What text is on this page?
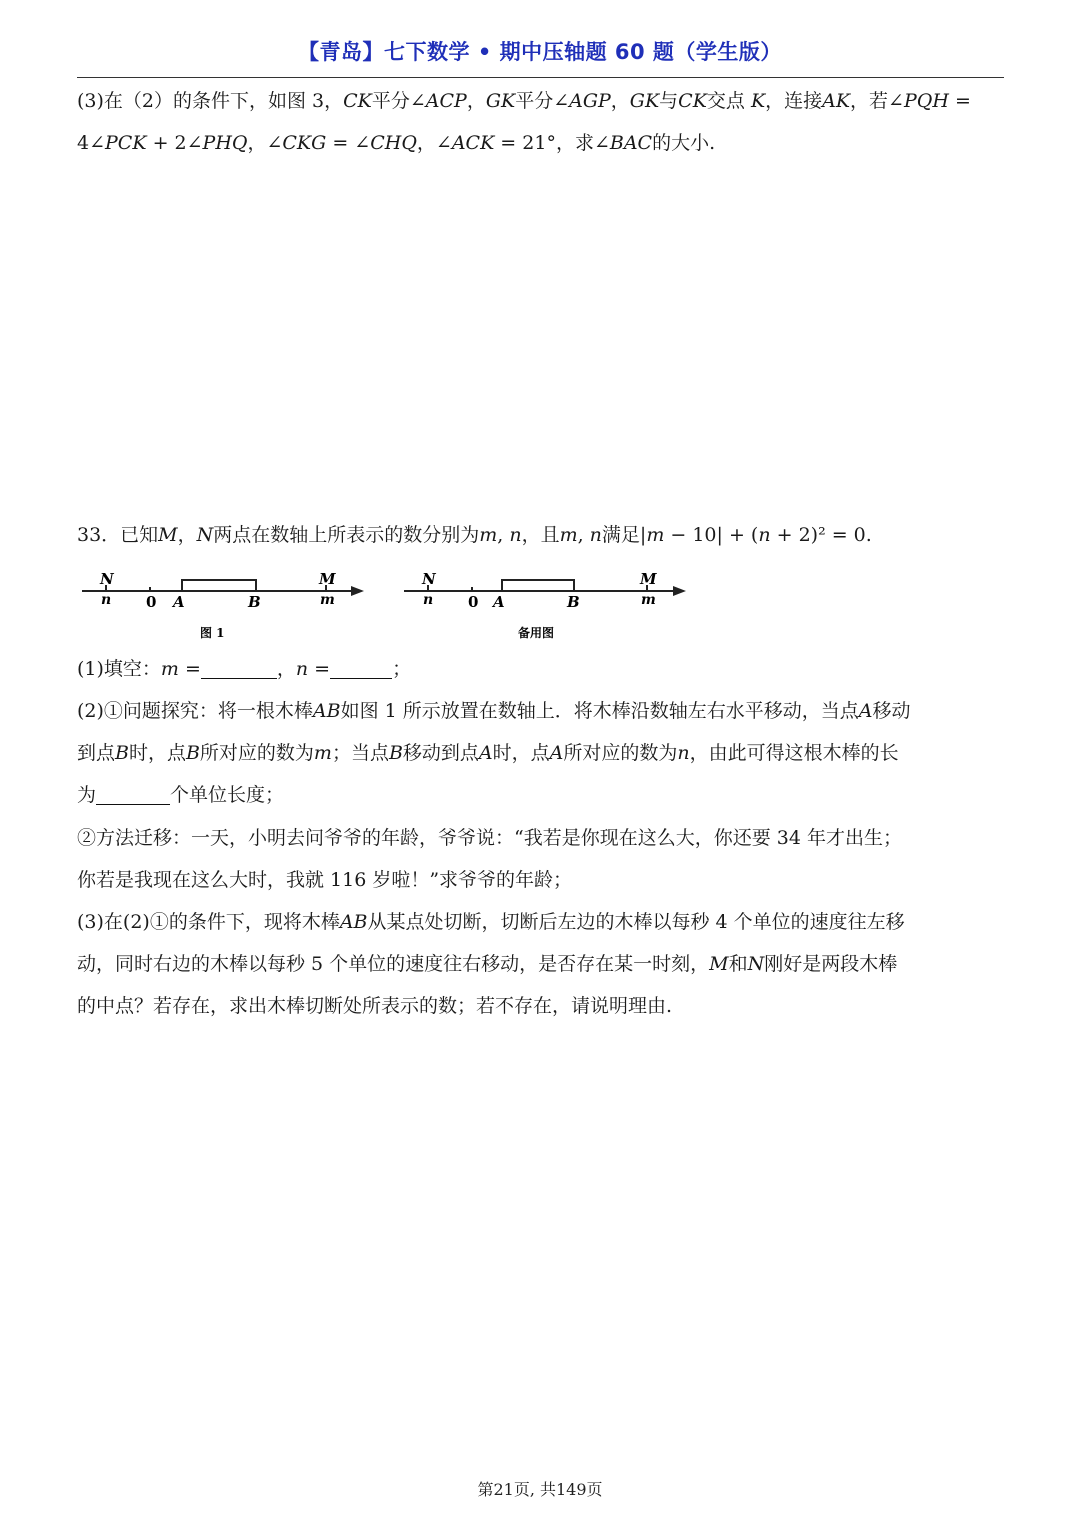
【青岛】七下数学 • 期中压轴题 60 题（学生版）

(3)在（2）的条件下，如图 3，𝐶𝐾平分∠𝐴𝐶𝑃，𝐺𝐾平分∠𝐴𝐺𝑃，𝐺𝐾与𝐶𝐾交点 𝐾，连接𝐴𝐾，若∠𝑃𝑄𝐻 =

4∠𝑃𝐶𝐾 + 2∠𝑃𝐻𝑄，∠𝐶𝐾𝐺 = ∠𝐶𝐻𝑄，∠𝐴𝐶𝐾 = 21°，求∠𝐵𝐴𝐶的大小.

33．已知𝑀，𝑁两点在数轴上所表示的数分别为𝑚, 𝑛，且𝑚, 𝑛满足|𝑚 − 10| + (𝑛 + 2)² = 0.

N
n 0 A	B
M
m
图 1
N
n 0 A	B
M
m
备用图

(1)填空：𝑚 =	，𝑛 =	；

(2)①问题探究：将一根木棒𝐴𝐵如图 1 所示放置在数轴上．将木棒沿数轴左右水平移动，当点𝐴移动

到点𝐵时，点𝐵所对应的数为𝑚；当点𝐵移动到点𝐴时，点𝐴所对应的数为𝑛，由此可得这根木棒的长

为	个单位长度；

②方法迁移：一天，小明去问爷爷的年龄，爷爷说：“我若是你现在这么大，你还要 34 年才出生；

你若是我现在这么大时，我就 116 岁啦！”求爷爷的年龄；

(3)在(2)①的条件下，现将木棒𝐴𝐵从某点处切断，切断后左边的木棒以每秒 4 个单位的速度往左移

动，同时右边的木棒以每秒 5 个单位的速度往右移动，是否存在某一时刻，𝑀和𝑁刚好是两段木棒

的中点？若存在，求出木棒切断处所表示的数；若不存在，请说明理由.

第21页, 共149页
